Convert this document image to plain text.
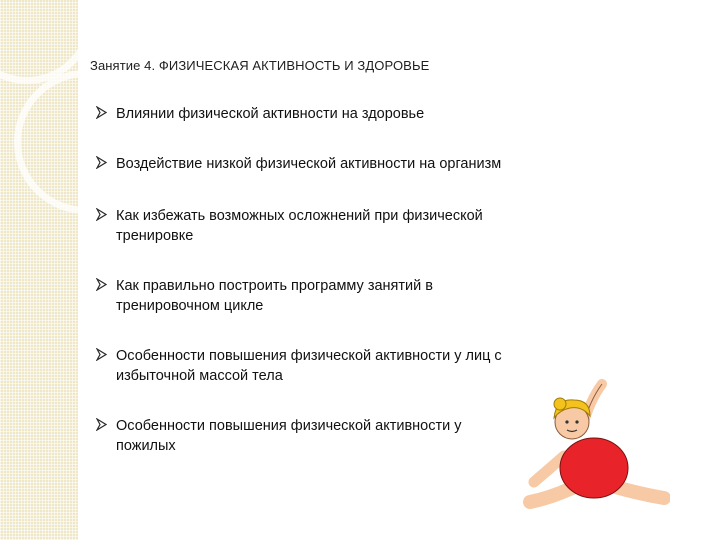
Занятие 4. ФИЗИЧЕСКАЯ АКТИВНОСТЬ И ЗДОРОВЬЕ
Влиянии физической активности на здоровье
Воздействие низкой физической активности на организм
Как избежать возможных осложнений при физической
тренировке
Как правильно построить программу занятий в
тренировочном цикле
Особенности повышения физической активности у лиц с
избыточной массой тела
Особенности повышения физической активности у
пожилых
